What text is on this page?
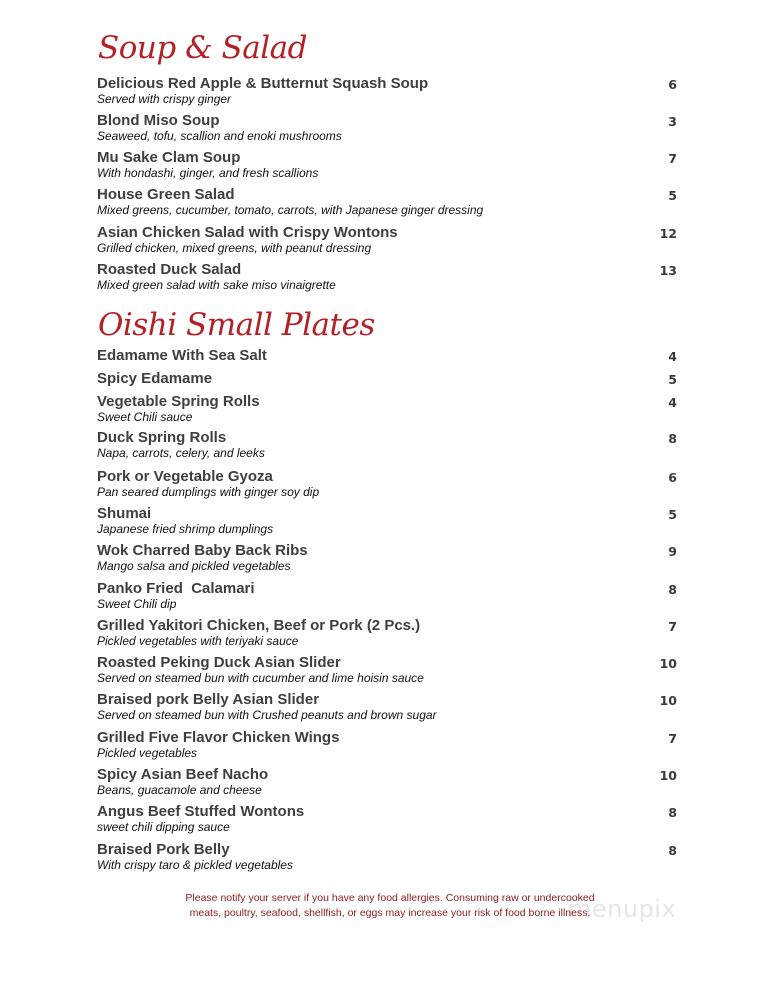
Soup & Salad
Delicious Red Apple & Butternut Squash Soup
Served with crispy ginger
6
Blond Miso Soup
Seaweed, tofu, scallion and enoki mushrooms
3
Mu Sake Clam Soup
With hondashi, ginger, and fresh scallions
7
House Green Salad
Mixed greens, cucumber, tomato, carrots, with Japanese ginger dressing
5
Asian Chicken Salad with Crispy Wontons
Grilled chicken, mixed greens, with peanut dressing
12
Roasted Duck Salad
Mixed green salad with sake miso vinaigrette
13
Oishi Small Plates
Edamame With Sea Salt	4
Spicy Edamame	5
Vegetable Spring Rolls
Sweet Chili sauce
4
Duck Spring Rolls
Napa, carrots, celery, and leeks
8
Pork or Vegetable Gyoza
Pan seared dumplings with ginger soy dip
6
Shumai
Japanese fried shrimp dumplings
5
Wok Charred Baby Back Ribs
Mango salsa and pickled vegetables
9
Panko Fried  Calamari
Sweet Chili dip
8
Grilled Yakitori Chicken, Beef or Pork (2 Pcs.)
Pickled vegetables with teriyaki sauce
7
Roasted Peking Duck Asian Slider
Served on steamed bun with cucumber and lime hoisin sauce
10
Braised pork Belly Asian Slider
Served on steamed bun with Crushed peanuts and brown sugar
10
Grilled Five Flavor Chicken Wings
Pickled vegetables
7
Spicy Asian Beef Nacho
Beans, guacamole and cheese
10
Angus Beef Stuffed Wontons
sweet chili dipping sauce
8
Braised Pork Belly
With crispy taro & pickled vegetables
8
menupix
Please notify your server if you have any food allergies. Consuming raw or undercooked
meats, poultry, seafood, shellfish, or eggs may increase your risk of food borne illness.
